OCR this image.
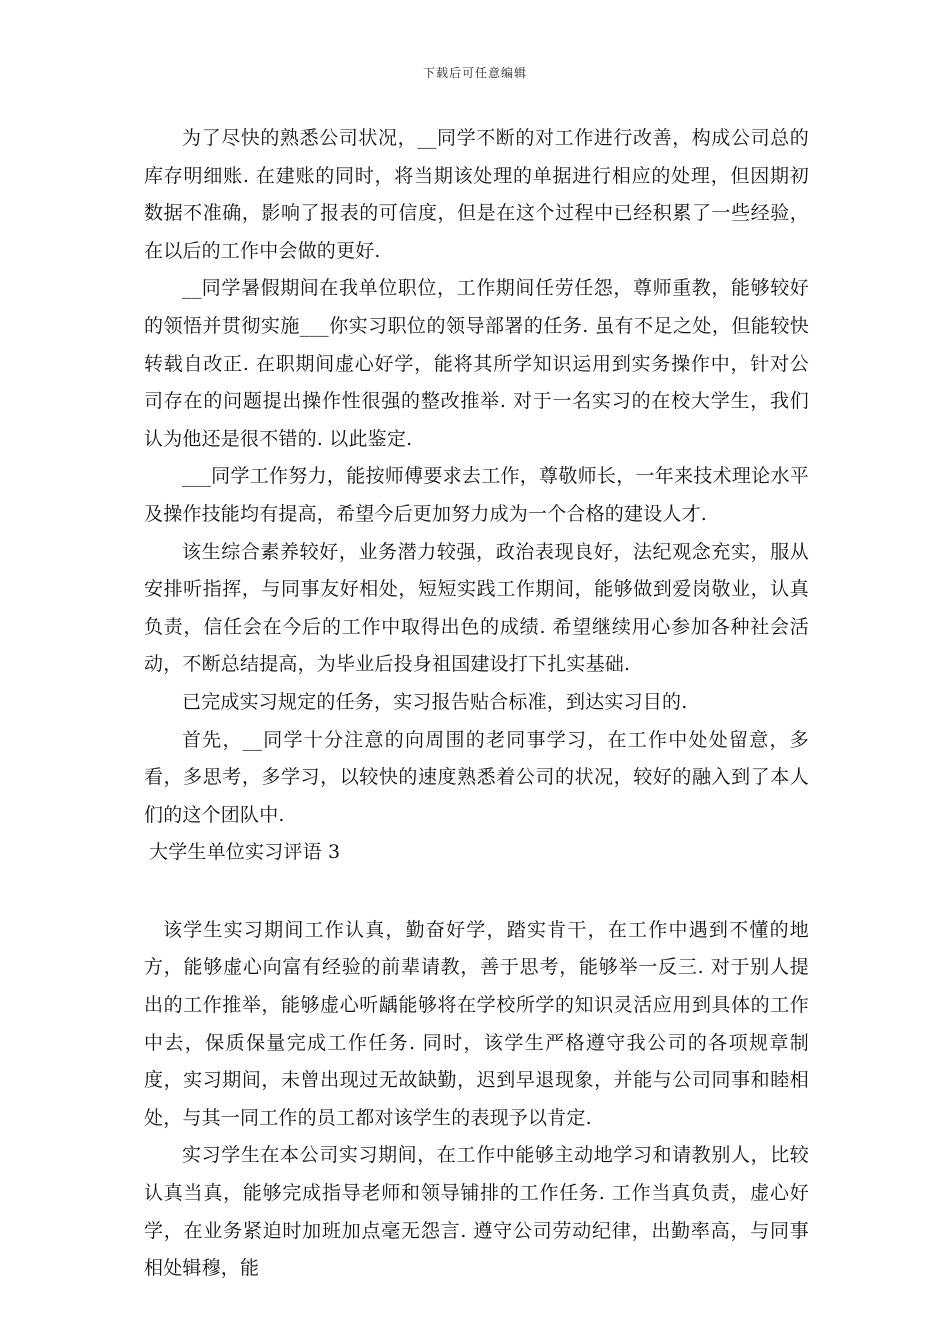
下载后可任意编辑

为了尽快的熟悉公司状况，__同学不断的对工作进行改善，构成公司总的库存明细账. 在建账的同时，将当期该处理的单据进行相应的处理，但因期初数据不准确，影响了报表的可信度，但是在这个过程中已经积累了一些经验，在以后的工作中会做的更好.

__同学暑假期间在我单位职位，工作期间任劳任怨，尊师重教，能够较好的领悟并贯彻实施___你实习职位的领导部署的任务. 虽有不足之处，但能较快转载自改正. 在职期间虚心好学，能将其所学知识运用到实务操作中，针对公司存在的问题提出操作性很强的整改推举. 对于一名实习的在校大学生，我们认为他还是很不错的. 以此鉴定.

___同学工作努力，能按师傅要求去工作，尊敬师长，一年来技术理论水平及操作技能均有提高，希望今后更加努力成为一个合格的建设人才.

该生综合素养较好，业务潜力较强，政治表现良好，法纪观念充实，服从安排听指挥，与同事友好相处，短短实践工作期间，能够做到爱岗敬业，认真负责，信任会在今后的工作中取得出色的成绩. 希望继续用心参加各种社会活动，不断总结提高，为毕业后投身祖国建设打下扎实基础.

已完成实习规定的任务，实习报告贴合标准，到达实习目的.

首先，__同学十分注意的向周围的老同事学习，在工作中处处留意，多看，多思考，多学习，以较快的速度熟悉着公司的状况，较好的融入到了本人们的这个团队中.

大学生单位实习评语 3

该学生实习期间工作认真，勤奋好学，踏实肯干，在工作中遇到不懂的地方，能够虚心向富有经验的前辈请教，善于思考，能够举一反三. 对于别人提出的工作推举，能够虚心听龋能够将在学校所学的知识灵活应用到具体的工作中去，保质保量完成工作任务. 同时，该学生严格遵守我公司的各项规章制度，实习期间，未曾出现过无故缺勤，迟到早退现象，并能与公司同事和睦相处，与其一同工作的员工都对该学生的表现予以肯定.

实习学生在本公司实习期间，在工作中能够主动地学习和请教别人，比较认真当真，能够完成指导老师和领导铺排的工作任务. 工作当真负责，虚心好学，在业务紧迫时加班加点毫无怨言. 遵守公司劳动纪律，出勤率高，与同事相处辑穆，能
